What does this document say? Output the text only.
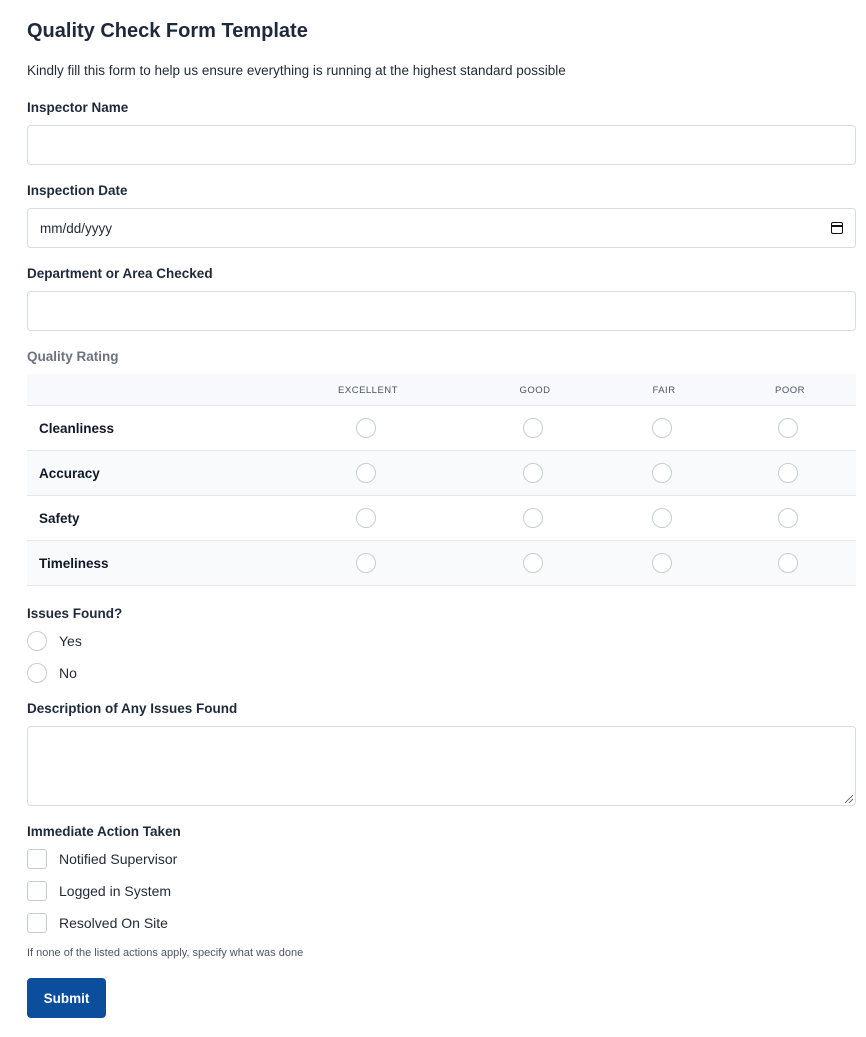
Quality Check Form Template
Kindly fill this form to help us ensure everything is running at the highest standard possible
Inspector Name
Inspection Date
mm/dd/yyyy
Department or Area Checked
Quality Rating
EXCELLENT	GOOD	FAIR	POOR
Cleanliness
Accuracy
Safety
Timeliness
Issues Found?
Yes
No
Description of Any Issues Found
Immediate Action Taken
Notified Supervisor
Logged in System
Resolved On Site
If none of the listed actions apply, specify what was done
Submit
